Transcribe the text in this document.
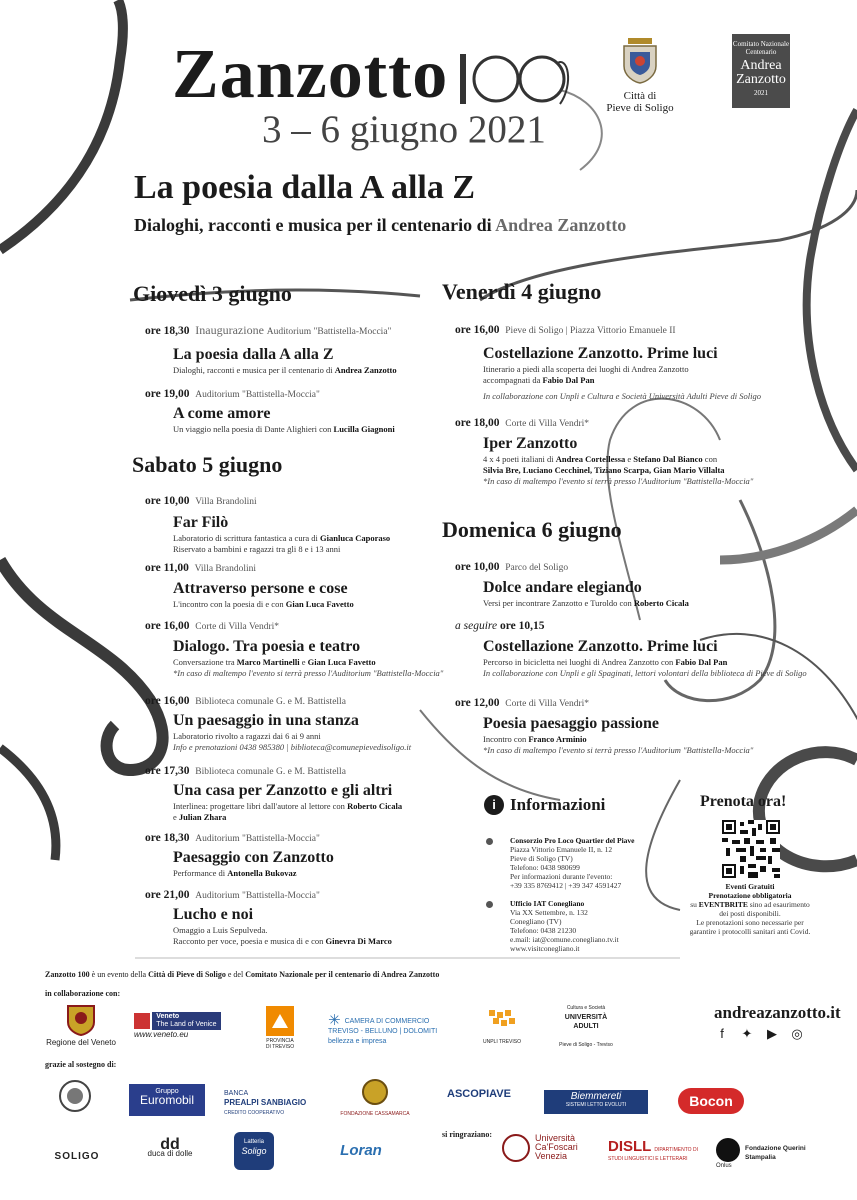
Zanzotto
3 – 6 giugno 2021
Città di
Pieve di Soligo
Comitato Nazionale
Centenario
Andrea
Zanzotto
2021
La poesia dalla A alla Z
Dialoghi, racconti e musica per il centenario di Andrea Zanzotto
Giovedì 3 giugno	Venerdì 4 giugno
Sabato 5 giugno
Domenica 6 giugno
ore 18,30 Inaugurazione Auditorium "Battistella-Moccia"
La poesia dalla A alla Z
Dialoghi, racconti e musica per il centenario di Andrea Zanzotto
ore 19,00 Auditorium "Battistella-Moccia"
A come amore
Un viaggio nella poesia di Dante Alighieri con Lucilla Giagnoni
ore 10,00 Villa Brandolini
Far Filò
Laboratorio di scrittura fantastica a cura di Gianluca Caporaso
Riservato a bambini e ragazzi tra gli 8 e i 13 anni
ore 11,00 Villa Brandolini
Attraverso persone e cose
L'incontro con la poesia di e con Gian Luca Favetto
ore 16,00 Corte di Villa Vendri*
Dialogo. Tra poesia e teatro
Conversazione tra Marco Martinelli e Gian Luca Favetto
*In caso di maltempo l'evento si terrà presso l'Auditorium "Battistella-Moccia"
ore 16,00 Biblioteca comunale G. e M. Battistella
Un paesaggio in una stanza
Laboratorio rivolto a ragazzi dai 6 ai 9 anni
Info e prenotazioni 0438 985380 | biblioteca@comunepievedisoligo.it
ore 17,30 Biblioteca comunale G. e M. Battistella
Una casa per Zanzotto e gli altri
Interlinea: progettare libri dall'autore al lettore con Roberto Cicala
e Julian Zhara
ore 18,30 Auditorium "Battistella-Moccia"
Paesaggio con Zanzotto
Performance di Antonella Bukovaz
ore 21,00 Auditorium "Battistella-Moccia"
Lucho e noi
Omaggio a Luis Sepulveda.
Racconto per voce, poesia e musica di e con Ginevra Di Marco
ore 16,00 Pieve di Soligo | Piazza Vittorio Emanuele II
Costellazione Zanzotto. Prime luci
Itinerario a piedi alla scoperta dei luoghi di Andrea Zanzotto
accompagnati da Fabio Dal Pan
In collaborazione con Unpli e Cultura e Società Università Adulti Pieve di Soligo
ore 18,00 Corte di Villa Vendri*
Iper Zanzotto
4 x 4 poeti italiani di Andrea Cortellessa e Stefano Dal Bianco con
Silvia Bre, Luciano Cecchinel, Tiziano Scarpa, Gian Mario Villalta
*In caso di maltempo l'evento si terrà presso l'Auditorium "Battistella-Moccia"
ore 10,00 Parco del Soligo
Dolce andare elegiando
Versi per incontrare Zanzotto e Turoldo con Roberto Cicala
a seguire ore 10,15
Costellazione Zanzotto. Prime luci
Percorso in bicicletta nei luoghi di Andrea Zanzotto con Fabio Dal Pan
In collaborazione con Unpli e gli Spaginati, lettori volontari della biblioteca di Pieve di Soligo
ore 12,00 Corte di Villa Vendri*
Poesia paesaggio passione
Incontro con Franco Arminio
*In caso di maltempo l'evento si terrà presso l'Auditorium "Battistella-Moccia"
i Informazioni
Consorzio Pro Loco Quartier del Piave
Piazza Vittorio Emanuele II, n. 12
Pieve di Soligo (TV)
Telefono: 0438 980699
Per informazioni durante l'evento:
+39 335 8769412 | +39 347 4591427
Ufficio IAT Conegliano
Via XX Settembre, n. 132
Conegliano (TV)
Telefono: 0438 21230
e.mail: iat@comune.conegliano.tv.it
www.visitconegliano.it
Prenota ora!
Eventi Gratuiti
Prenotazione obbligatoria
su EVENTBRITE sino ad esaurimento
dei posti disponibili.
Le prenotazioni sono necessarie per
garantire i protocolli sanitari anti Covid.
Zanzotto 100 è un evento della Città di Pieve di Soligo e del Comitato Nazionale per il centenario di Andrea Zanzotto
in collaborazione con:
andreazanzotto.it
f	✦ ▶ ◎

Regione del Veneto
Veneto
The Land of Venice
www.veneto.eu

PROVINCIA DI TREVISO
✳ CAMERA DI COMMERCIO
TREVISO - BELLUNO | DOLOMITI
bellezza e impresa	UNPLI TREVISO
Cultura e Società
UNIVERSITÀ ADULTI
Pieve di Soligo - Treviso
grazie al sostegno di:
Gruppo
Euromobil	BANCA
PREALPI SANBIAGIO
CREDITO COOPERATIVO	FONDAZIONE CASSAMARCA
ASCOPIAVE	Biemmereti
SISTEMI LETTO EVOLUTI	Bocon
SOLIGO
dd
duca di dolle
Latteria
Soligo	Loran
si ringraziano:	Università
Ca'Foscari
Venezia
DISLL DIPARTIMENTO DI STUDI LINGUISTICI E LETTERARI
Fondazione Querini Stampalia
Onlus
